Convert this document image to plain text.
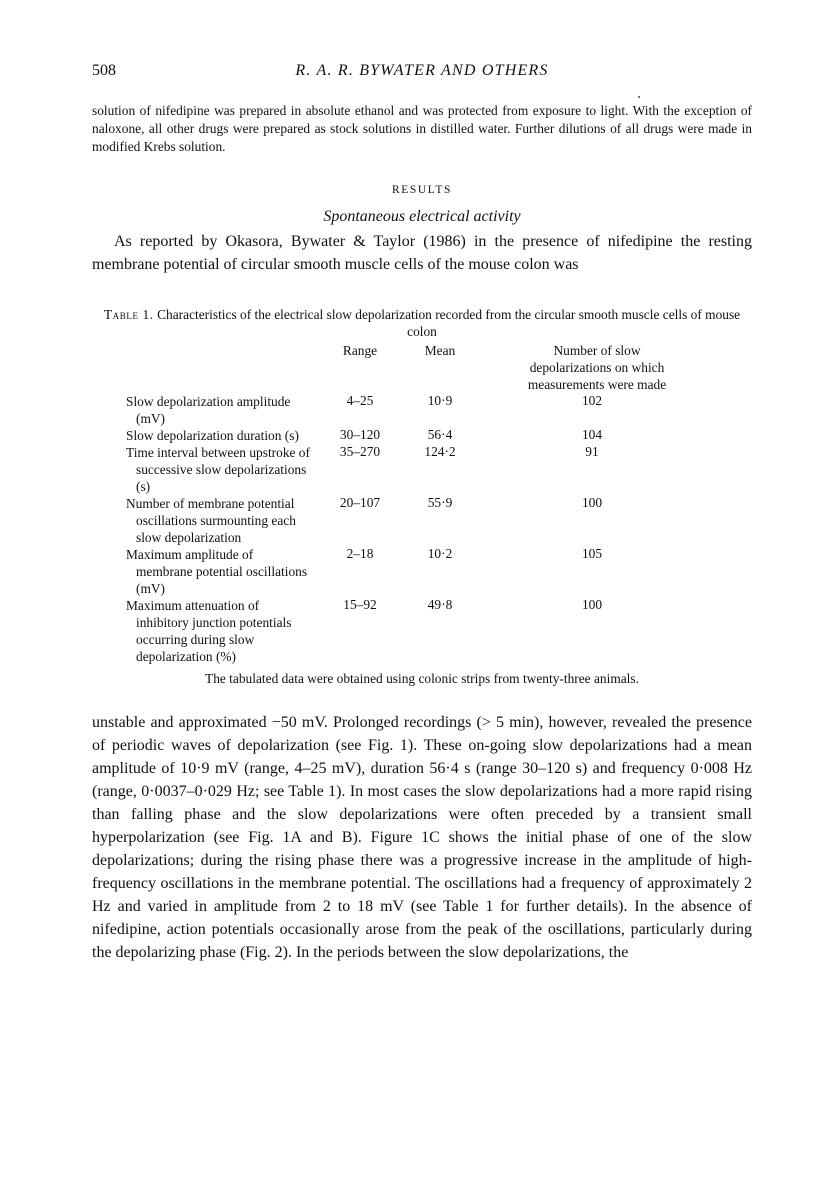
508	R. A. R. BYWATER AND OTHERS

solution of nifedipine was prepared in absolute ethanol and was protected from exposure to light. With the exception of naloxone, all other drugs were prepared as stock solutions in distilled water. Further dilutions of all drugs were made in modified Krebs solution.

RESULTS
Spontaneous electrical activity

As reported by Okasora, Bywater & Taylor (1986) in the presence of nifedipine the resting membrane potential of circular smooth muscle cells of the mouse colon was

Table 1. Characteristics of the electrical slow depolarization recorded from the circular smooth muscle cells of mouse colon
	Range	Mean	Number of slow depolarizations on which measurements were made

Slow depolarization amplitude (mV)	4–25	10·9	102

Slow depolarization duration (s)	30–120	56·4	104

Time interval between upstroke of successive slow depolarizations (s)	35–270	124·2	91

Number of membrane potential oscillations surmounting each slow depolarization	20–107	55·9	100

Maximum amplitude of membrane potential oscillations (mV)	2–18	10·2	105

Maximum attenuation of inhibitory junction potentials occurring during slow depolarization (%)	15–92	49·8	100
The tabulated data were obtained using colonic strips from twenty-three animals.

unstable and approximated −50 mV. Prolonged recordings (> 5 min), however, revealed the presence of periodic waves of depolarization (see Fig. 1). These on-going slow depolarizations had a mean amplitude of 10·9 mV (range, 4–25 mV), duration 56·4 s (range 30–120 s) and frequency 0·008 Hz (range, 0·0037–0·029 Hz; see Table 1). In most cases the slow depolarizations had a more rapid rising than falling phase and the slow depolarizations were often preceded by a transient small hyperpolarization (see Fig. 1A and B). Figure 1C shows the initial phase of one of the slow depolarizations; during the rising phase there was a progressive increase in the amplitude of high-frequency oscillations in the membrane potential. The oscillations had a frequency of approximately 2 Hz and varied in amplitude from 2 to 18 mV (see Table 1 for further details). In the absence of nifedipine, action potentials occasionally arose from the peak of the oscillations, particularly during the depolarizing phase (Fig. 2). In the periods between the slow depolarizations, the
